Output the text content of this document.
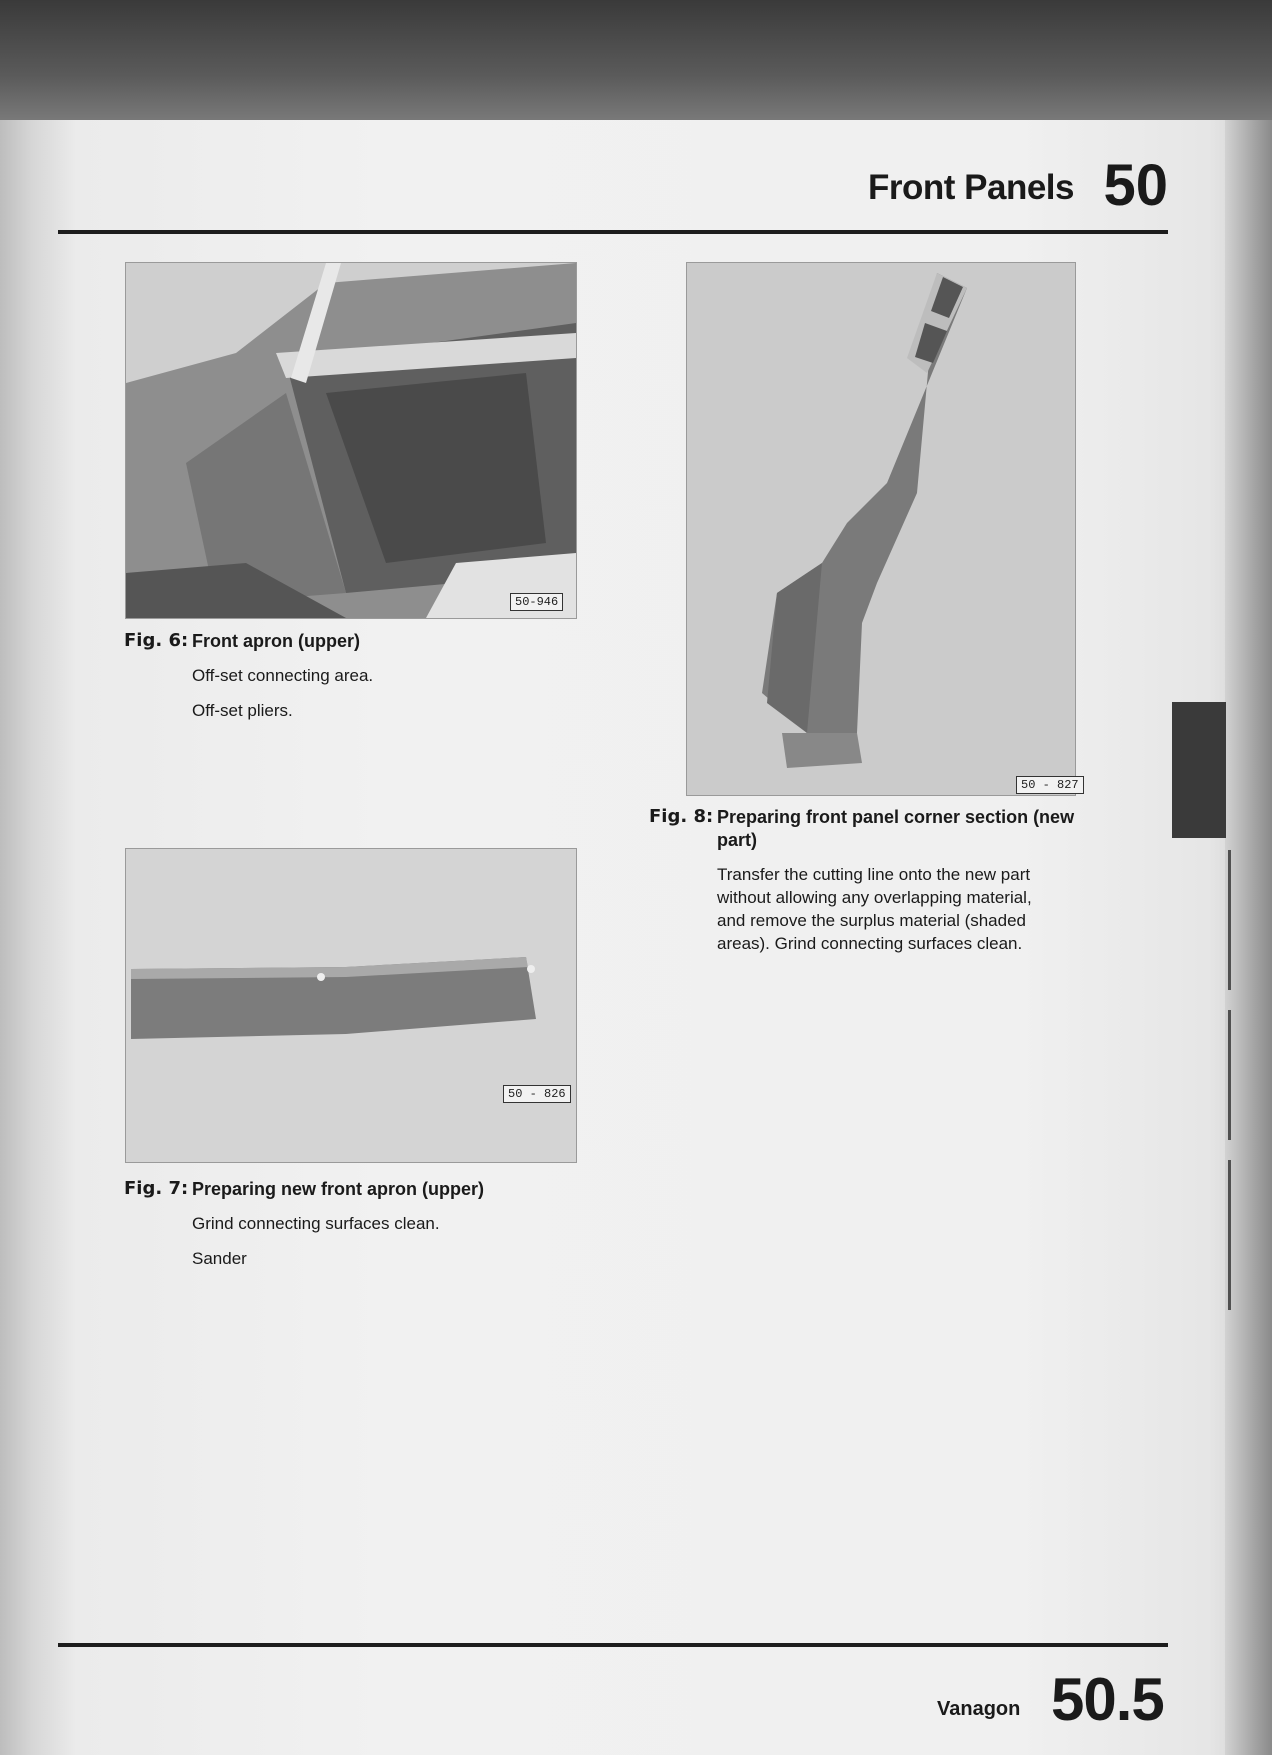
Front Panels 50
50-946
Fig. 6: Front apron (upper)
Off-set connecting area.
Off-set pliers.
50 - 827
Fig. 8: Preparing front panel corner section (new
part)
Transfer the cutting line onto the new part
without allowing any overlapping material,
and remove the surplus material (shaded
areas). Grind connecting surfaces clean.
50 - 826
Fig. 7: Preparing new front apron (upper)
Grind connecting surfaces clean.
Sander
Vanagon 50.5
